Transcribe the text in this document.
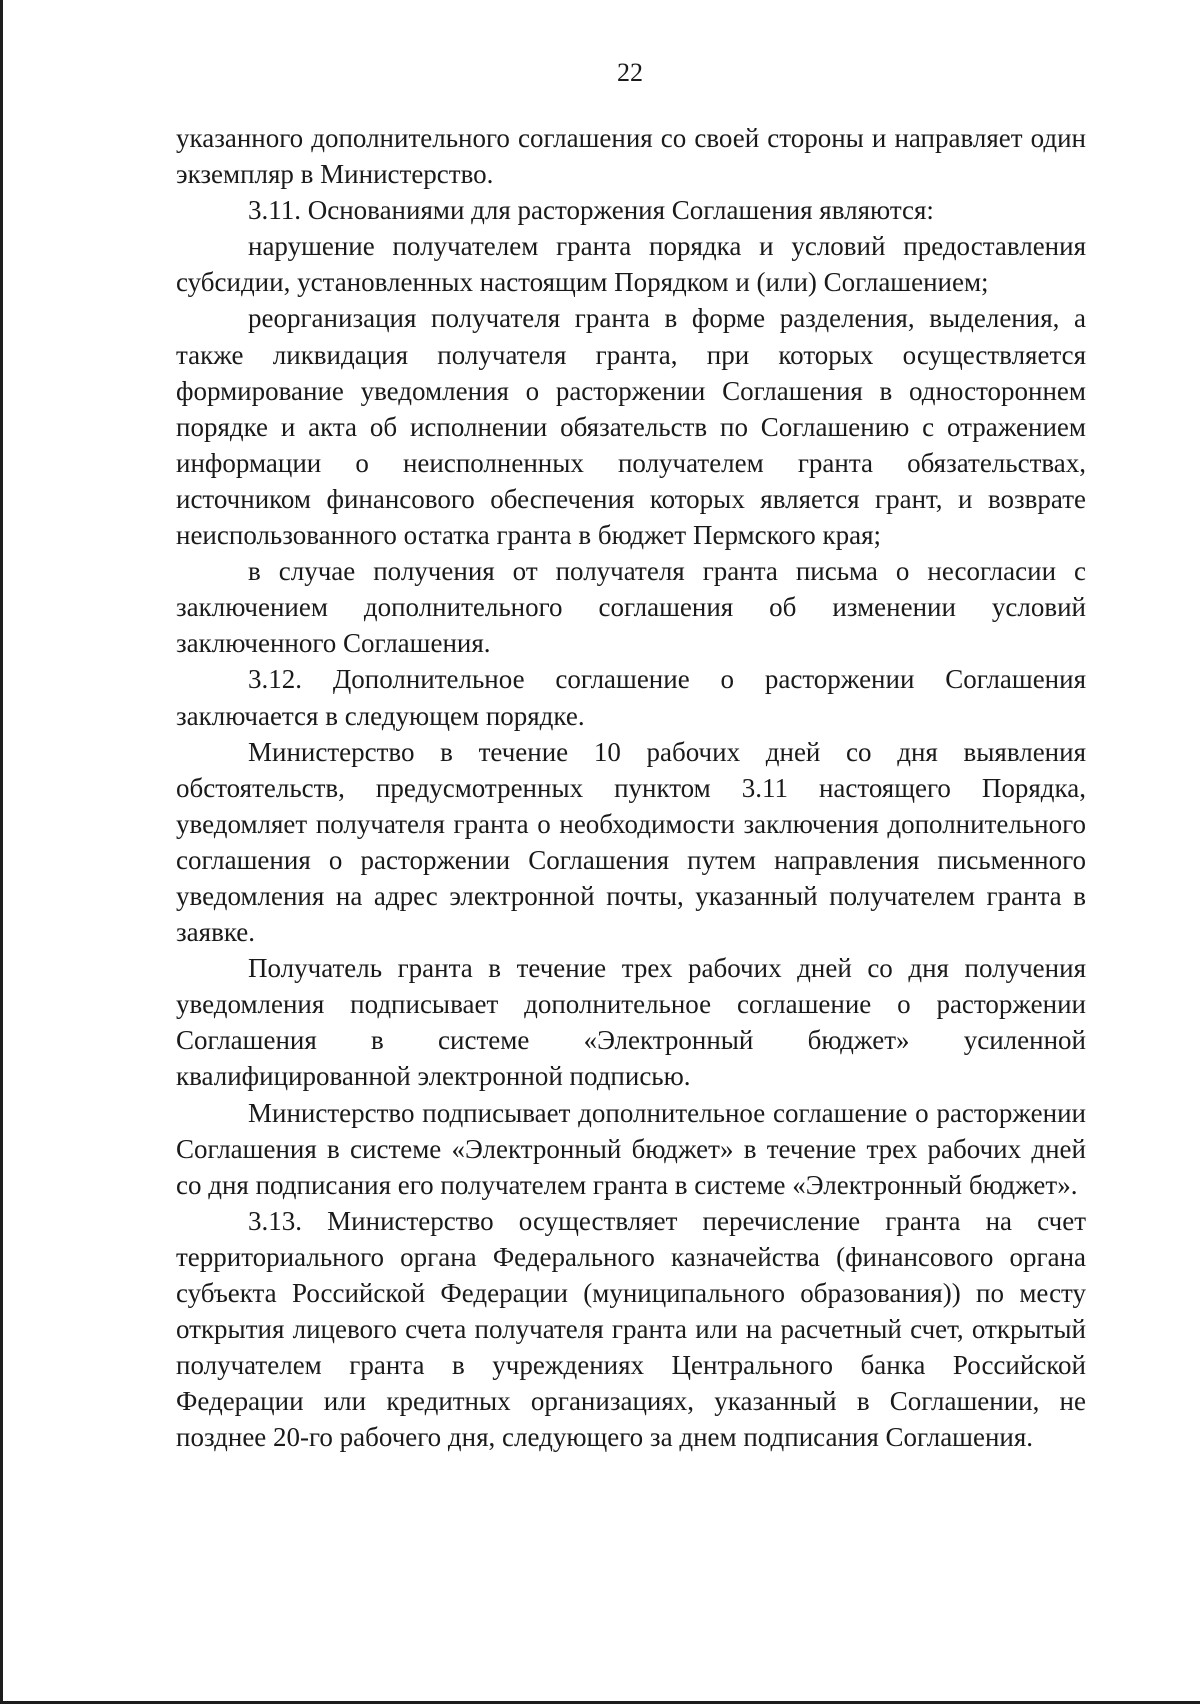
22

указанного дополнительного соглашения со своей стороны и направляет один экземпляр в Министерство.

3.11. Основаниями для расторжения Соглашения являются:

нарушение получателем гранта порядка и условий предоставления субсидии, установленных настоящим Порядком и (или) Соглашением;

реорганизация получателя гранта в форме разделения, выделения, а также ликвидация получателя гранта, при которых осуществляется формирование уведомления о расторжении Соглашения в одностороннем порядке и акта об исполнении обязательств по Соглашению с отражением информации о неисполненных получателем гранта обязательствах, источником финансового обеспечения которых является грант, и возврате неиспользованного остатка гранта в бюджет Пермского края;

в случае получения от получателя гранта письма о несогласии с заключением дополнительного соглашения об изменении условий заключенного Соглашения.

3.12. Дополнительное соглашение о расторжении Соглашения заключается в следующем порядке.

Министерство в течение 10 рабочих дней со дня выявления обстоятельств, предусмотренных пунктом 3.11 настоящего Порядка, уведомляет получателя гранта о необходимости заключения дополнительного соглашения о расторжении Соглашения путем направления письменного уведомления на адрес электронной почты, указанный получателем гранта в заявке.

Получатель гранта в течение трех рабочих дней со дня получения уведомления подписывает дополнительное соглашение о расторжении Соглашения в системе «Электронный бюджет» усиленной квалифицированной электронной подписью.

Министерство подписывает дополнительное соглашение о расторжении Соглашения в системе «Электронный бюджет» в течение трех рабочих дней со дня подписания его получателем гранта в системе «Электронный бюджет».

3.13. Министерство осуществляет перечисление гранта на счет территориального органа Федерального казначейства (финансового органа субъекта Российской Федерации (муниципального образования)) по месту открытия лицевого счета получателя гранта или на расчетный счет, открытый получателем гранта в учреждениях Центрального банка Российской Федерации или кредитных организациях, указанный в Соглашении, не позднее 20-го рабочего дня, следующего за днем подписания Соглашения.
